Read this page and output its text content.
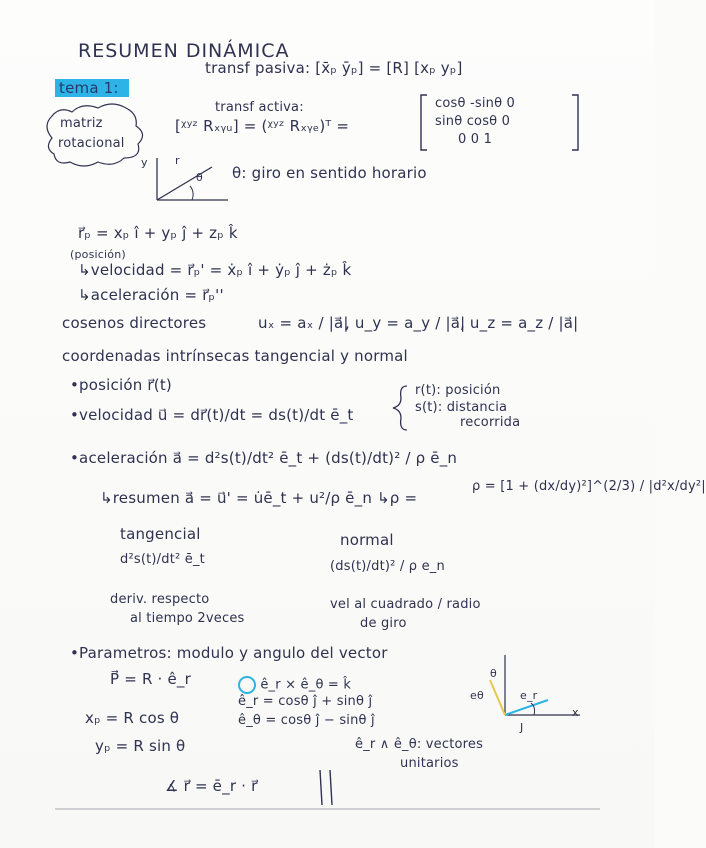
RESUMEN DINÁMICA
tema 1:
transf pasiva: [x̄ₚ ȳₚ] = [R] [xₚ yₚ]
matriz
rotacional
transf activa:
[ᵡʸᶻ Rₓᵧᵤ] = (ᵡʸᶻ Rₓᵧₑ)ᵀ =
cosθ -sinθ 0
sinθ cosθ 0
0 0 1
y r
θ θ: giro en sentido horario
r⃗ₚ = xₚ î + yₚ ĵ + zₚ k̂
(posición)
↳velocidad = r⃗ₚ' = ẋₚ î + ẏₚ ĵ + żₚ k̂
↳aceleración = r⃗ₚ''
cosenos directores	uₓ = aₓ / |a⃗|
, u_y = a_y / |a⃗|
, u_z = a_z / |a⃗|
coordenadas intrínsecas tangencial y normal
•posición r⃗(t)
•velocidad u⃗ = dr⃗(t)/dt = ds(t)/dt ē_t
r(t): posición
s(t): distancia
recorrida
•aceleración a⃗ = d²s(t)/dt² ē_t + (ds(t)/dt)² / ρ ē_n
↳resumen a⃗ = u⃗' = u̇ē_t + u²/ρ ē_n ↳ρ =
ρ = [1 + (dx/dy)²]^(2/3) / |d²x/dy²|
tangencial
d²s(t)/dt² ē_t
deriv. respecto
al tiempo 2veces
normal
(ds(t)/dt)² / ρ e_n
vel al cuadrado / radio
de giro
•Parametros: modulo y angulo del vector
P⃗ = R · ê_r	ê_r × ê_θ = k̂
ê_r = cosθ ĵ + sinθ ĵ
ê_θ = cosθ ĵ − sinθ ĵ
xₚ = R cos θ
yₚ = R sin θ	ê_r ∧ ê_θ: vectores
unitarios
∡ r⃗ = ē_r · r⃗
eθ	e_r
x
J
θ
